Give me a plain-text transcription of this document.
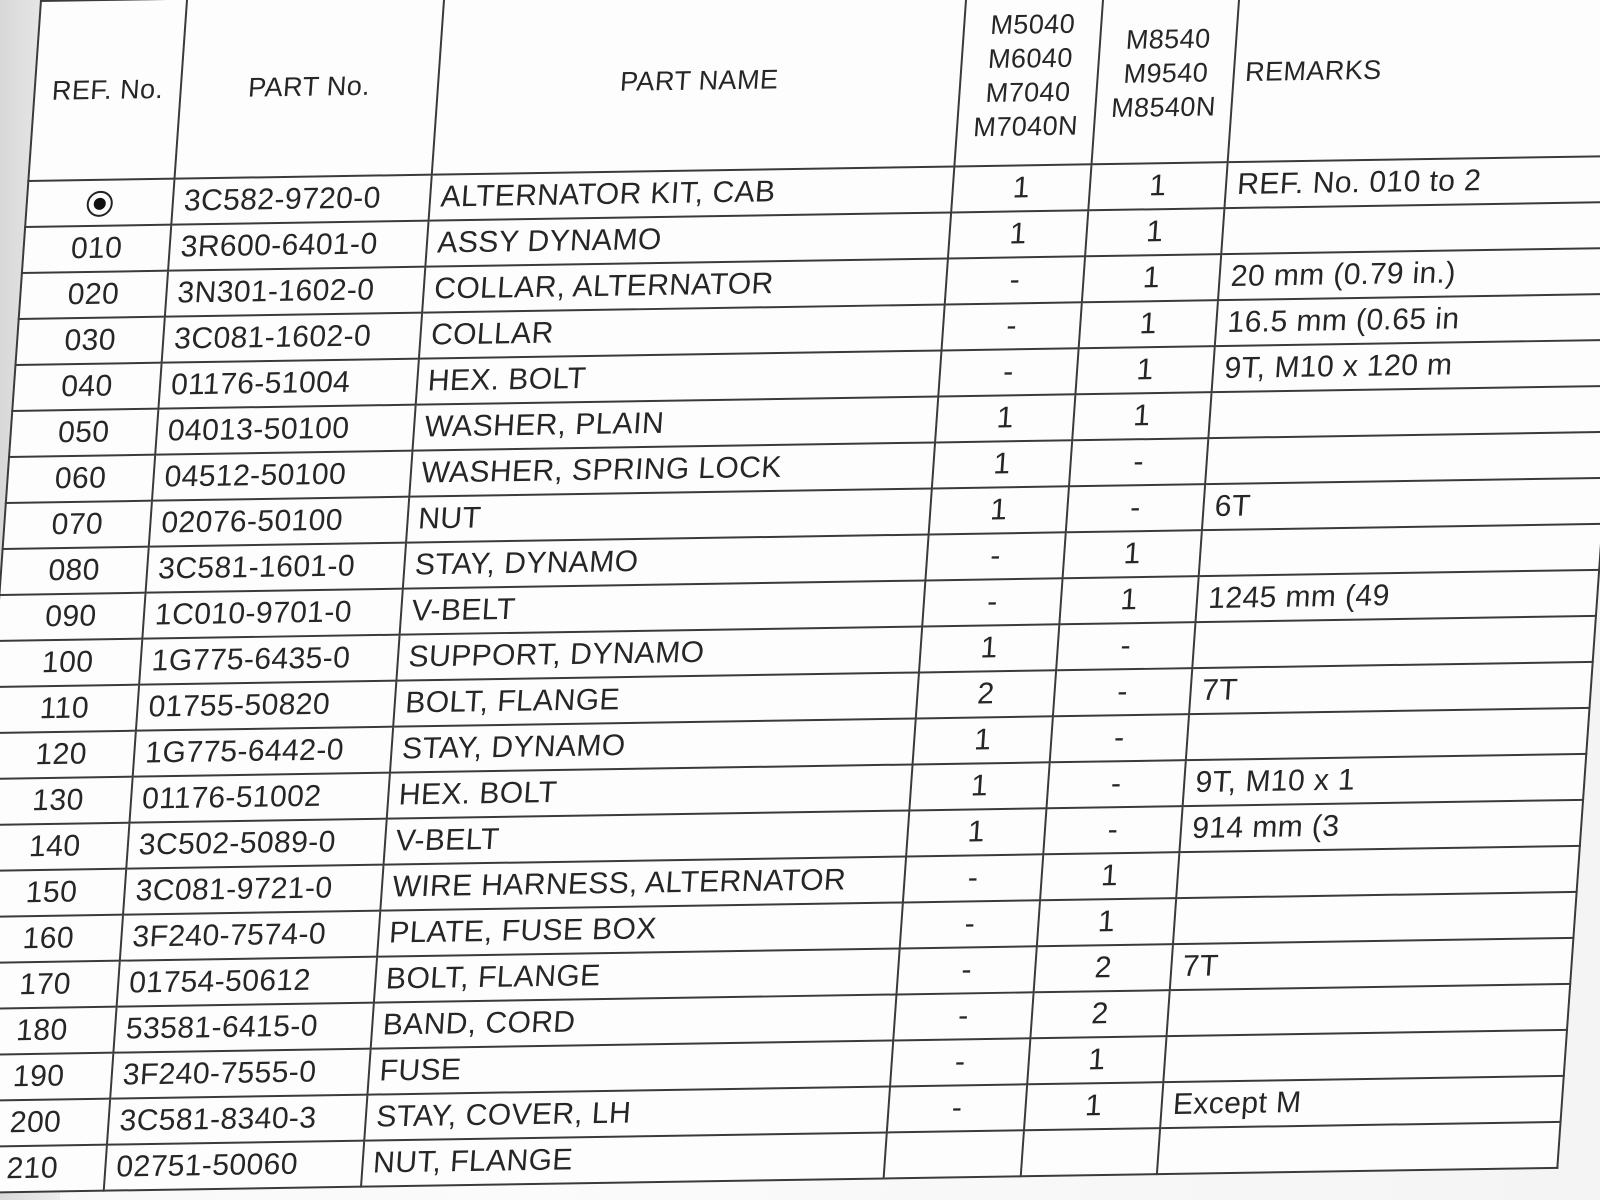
REF. No.	PART No.	PART NAME	M5040
M6040
M7040
M7040N	M8540
M9540
M8540N	REMARKS
	3C582-9720-0	ALTERNATOR KIT, CAB	1	1	REF. No. 010 to 2
010	3R600-6401-0	ASSY DYNAMO	1	1	
020	3N301-1602-0	COLLAR, ALTERNATOR	-	1	20 mm (0.79 in.)
030	3C081-1602-0	COLLAR	-	1	16.5 mm (0.65 in
040	01176-51004	HEX. BOLT	-	1	9T, M10 x 120 m
050	04013-50100	WASHER, PLAIN	1	1	
060	04512-50100	WASHER, SPRING LOCK	1	-	
070	02076-50100	NUT	1	-	6T
080	3C581-1601-0	STAY, DYNAMO	-	1	
090	1C010-9701-0	V-BELT	-	1	1245 mm (49
100	1G775-6435-0	SUPPORT, DYNAMO	1	-	
110	01755-50820	BOLT, FLANGE	2	-	7T
120	1G775-6442-0	STAY, DYNAMO	1	-	
130	01176-51002	HEX. BOLT	1	-	9T, M10 x 1
140	3C502-5089-0	V-BELT	1	-	914 mm (3
150	3C081-9721-0	WIRE HARNESS, ALTERNATOR	-	1	
160	3F240-7574-0	PLATE, FUSE BOX	-	1	
170	01754-50612	BOLT, FLANGE	-	2	7T
180	53581-6415-0	BAND, CORD	-	2	
190	3F240-7555-0	FUSE	-	1	
200	3C581-8340-3	STAY, COVER, LH	-	1	Except M
210	02751-50060	NUT, FLANGE			
